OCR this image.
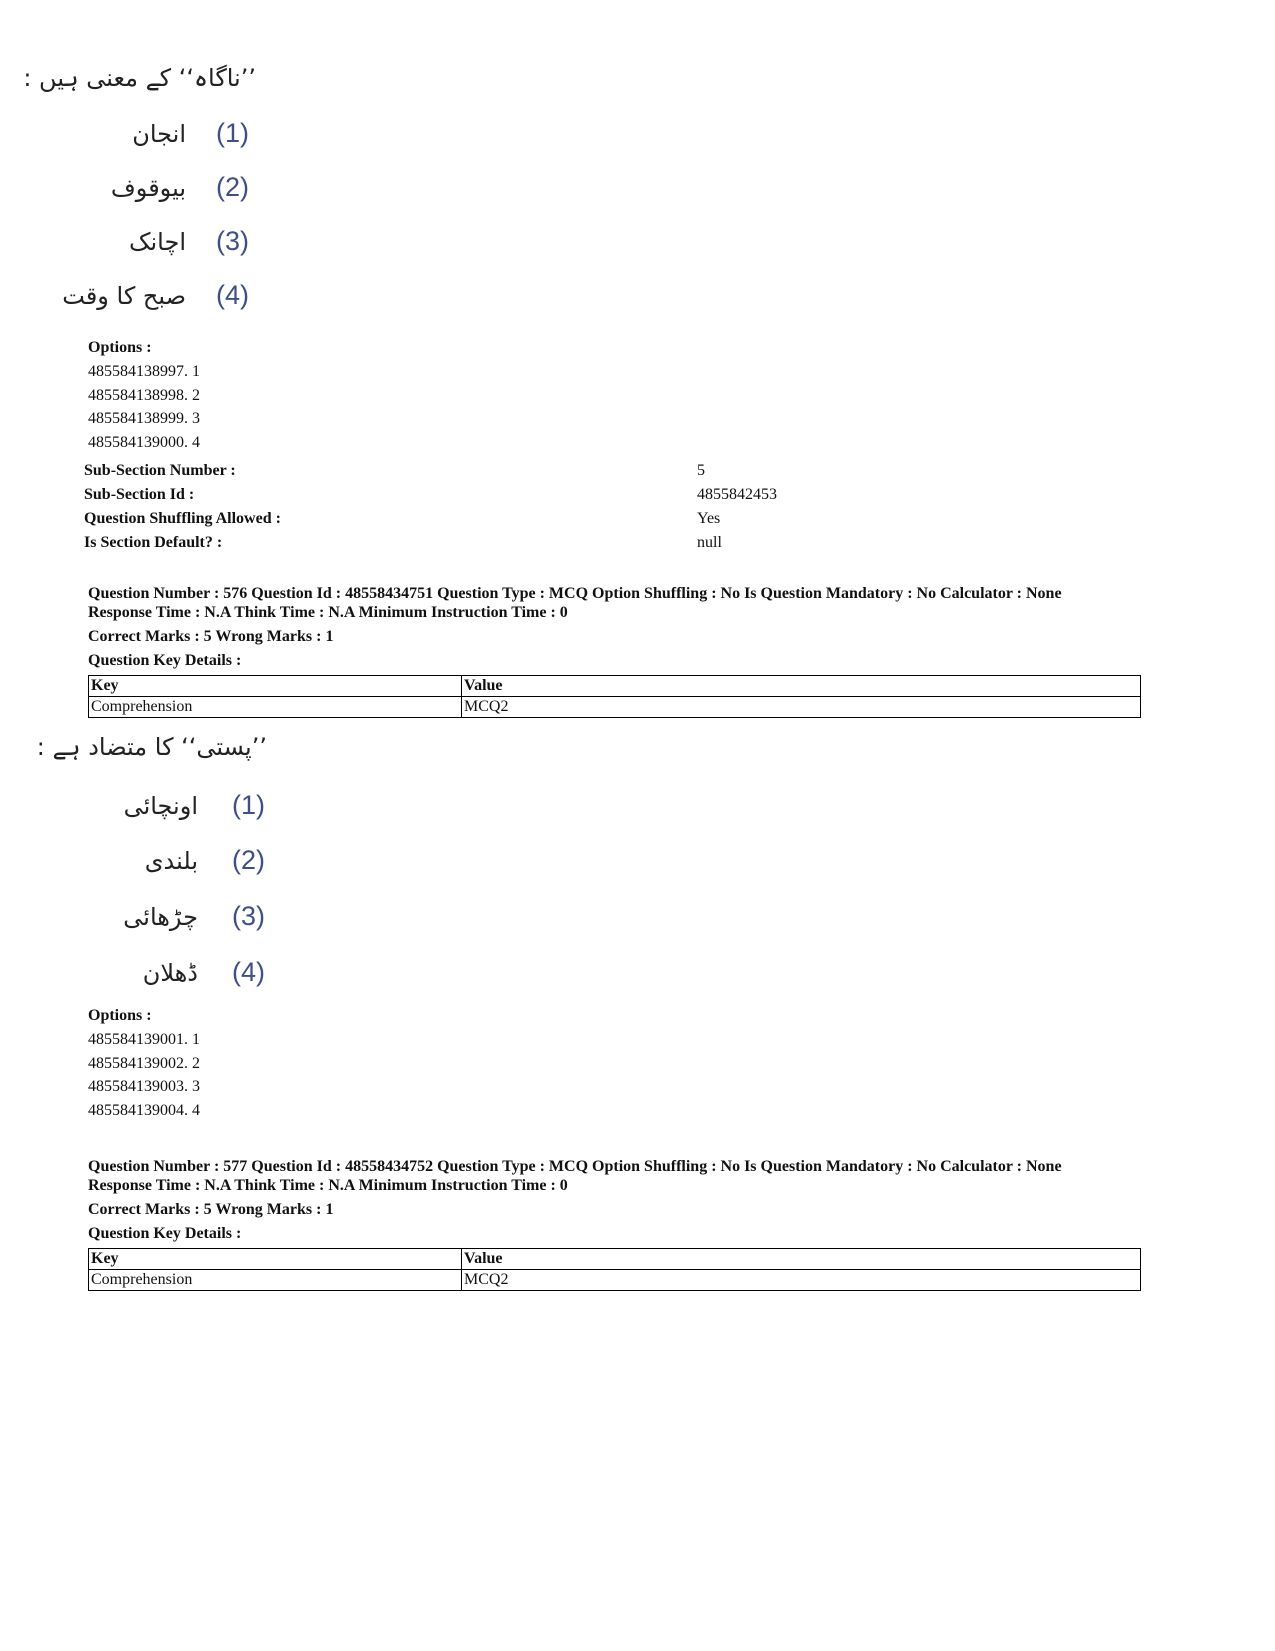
’’ناگاہ‘‘ کے معنی ہیں :
انجان (1)
بیوقوف (2)
اچانک (3)
صبح کا وقت (4)
Options :
485584138997. 1
485584138998. 2
485584138999. 3
485584139000. 4
Sub-Section Number :	5
Sub-Section Id :	4855842453
Question Shuffling Allowed :	Yes
Is Section Default? :	null
Question Number : 576 Question Id : 48558434751 Question Type : MCQ Option Shuffling : No Is Question Mandatory : No Calculator : None
Response Time : N.A Think Time : N.A Minimum Instruction Time : 0
Correct Marks : 5 Wrong Marks : 1
Question Key Details :
Key	Value
Comprehension	MCQ2
’’پستی‘‘ کا متضاد ہے :
اونچائی (1)
بلندی (2)
چڑھائی (3)
ڈھلان (4)
Options :
485584139001. 1
485584139002. 2
485584139003. 3
485584139004. 4
Question Number : 577 Question Id : 48558434752 Question Type : MCQ Option Shuffling : No Is Question Mandatory : No Calculator : None
Response Time : N.A Think Time : N.A Minimum Instruction Time : 0
Correct Marks : 5 Wrong Marks : 1
Question Key Details :
Key	Value
Comprehension	MCQ2
